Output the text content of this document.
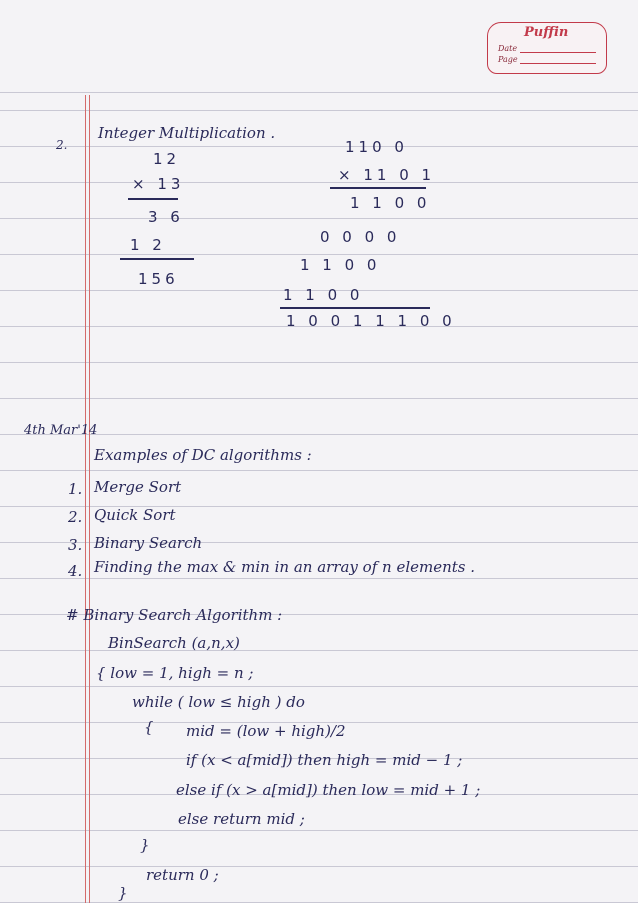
Puffin
Date
Page
2.
Integer Multiplication .
12
× 13
3 6
1 2
156
110 0
× 11 0 1
1 1 0 0
0 0 0 0
1 1 0 0
1 1 0 0
1 0 0 1 1 1 0 0
4th Mar'14
Examples of DC algorithms :
1. Merge Sort
2. Quick Sort
3. Binary Search
4. Finding the max & min in an array of n elements .
# Binary Search Algorithm :
BinSearch (a,n,x)
{ low = 1, high = n ;
while ( low ≤ high ) do
{ mid = (low + high)/2
if (x < a[mid]) then high = mid − 1 ;
else if (x > a[mid]) then low = mid + 1 ;
else return mid ;
}
return 0 ;
}
